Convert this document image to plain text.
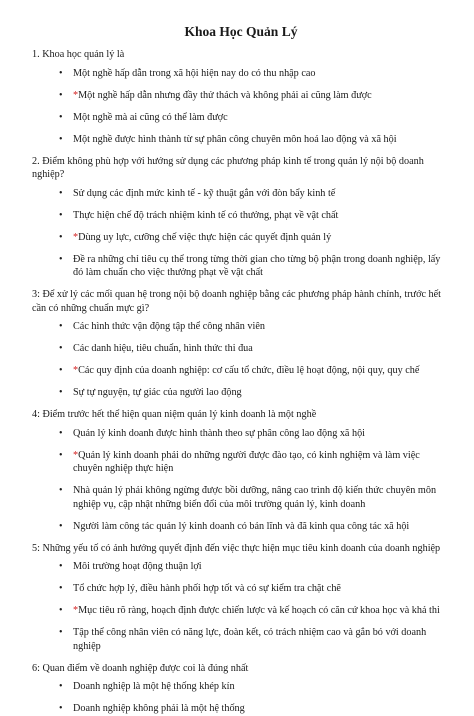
Khoa Học Quản Lý
1. Khoa học quản lý là
• Một nghề hấp dẫn trong xã hội hiện nay do có thu nhập cao
• *Một nghề hấp dẫn nhưng đầy thử thách và không phải ai cũng làm được
• Một nghề mà ai cũng có thể làm được
• Một nghề được hình thành từ sự phân công chuyên môn hoá lao động và xã hội
2. Điểm không phù hợp với hướng sử dụng các phương pháp kinh tế trong quản lý nội bộ doanh nghiệp?
• Sử dụng các định mức kinh tế - kỹ thuật gắn với đòn bẩy kinh tế
• Thực hiện chế độ trách nhiệm kinh tế có thưởng, phạt về vật chất
• *Dùng uy lực, cưỡng chế việc thực hiện các quyết định quản lý
• Đề ra những chỉ tiêu cụ thể trong từng thời gian cho từng bộ phận trong doanh nghiệp, lấy đó làm chuẩn cho việc thưởng phạt về vật chất
3: Để xử lý các mối quan hệ trong nội bộ doanh nghiệp bằng các phương pháp hành chính, trước hết cần có những chuẩn mực gì?
• Các hình thức vận động tập thể công nhân viên
• Các danh hiệu, tiêu chuẩn, hình thức thi đua
• *Các quy định của doanh nghiệp: cơ cấu tổ chức, điều lệ hoạt động, nội quy, quy chế
• Sự tự nguyện, tự giác của người lao động
4: Điểm trước hết thể hiện quan niệm quản lý kinh doanh là một nghề
• Quản lý kinh doanh được hình thành theo sự phân công lao động xã hội
• *Quản lý kinh doanh phải do những người được đào tạo, có kinh nghiệm và làm việc chuyên nghiệp thực hiện
• Nhà quản lý phải không ngừng được bồi dưỡng, nâng cao trình độ kiến thức chuyên môn nghiệp vụ, cập nhật những biến đổi của môi trường quản lý, kinh doanh
• Người làm công tác quản lý kinh doanh có bản lĩnh và đã kinh qua công tác xã hội
5: Những yếu tố có ảnh hưởng quyết định đến việc thực hiện mục tiêu kinh doanh của doanh nghiệp
• Môi trường hoạt động thuận lợi
• Tổ chức hợp lý, điều hành phối hợp tốt và có sự kiểm tra chặt chẽ
• *Mục tiêu rõ ràng, hoạch định được chiến lược và kế hoạch có căn cứ khoa học và khả thi
• Tập thể công nhân viên có năng lực, đoàn kết, có trách nhiệm cao và gắn bó với doanh nghiệp
6: Quan điểm về doanh nghiệp được coi là đúng nhất
• Doanh nghiệp là một hệ thống khép kín
• Doanh nghiệp không phải là một hệ thống
